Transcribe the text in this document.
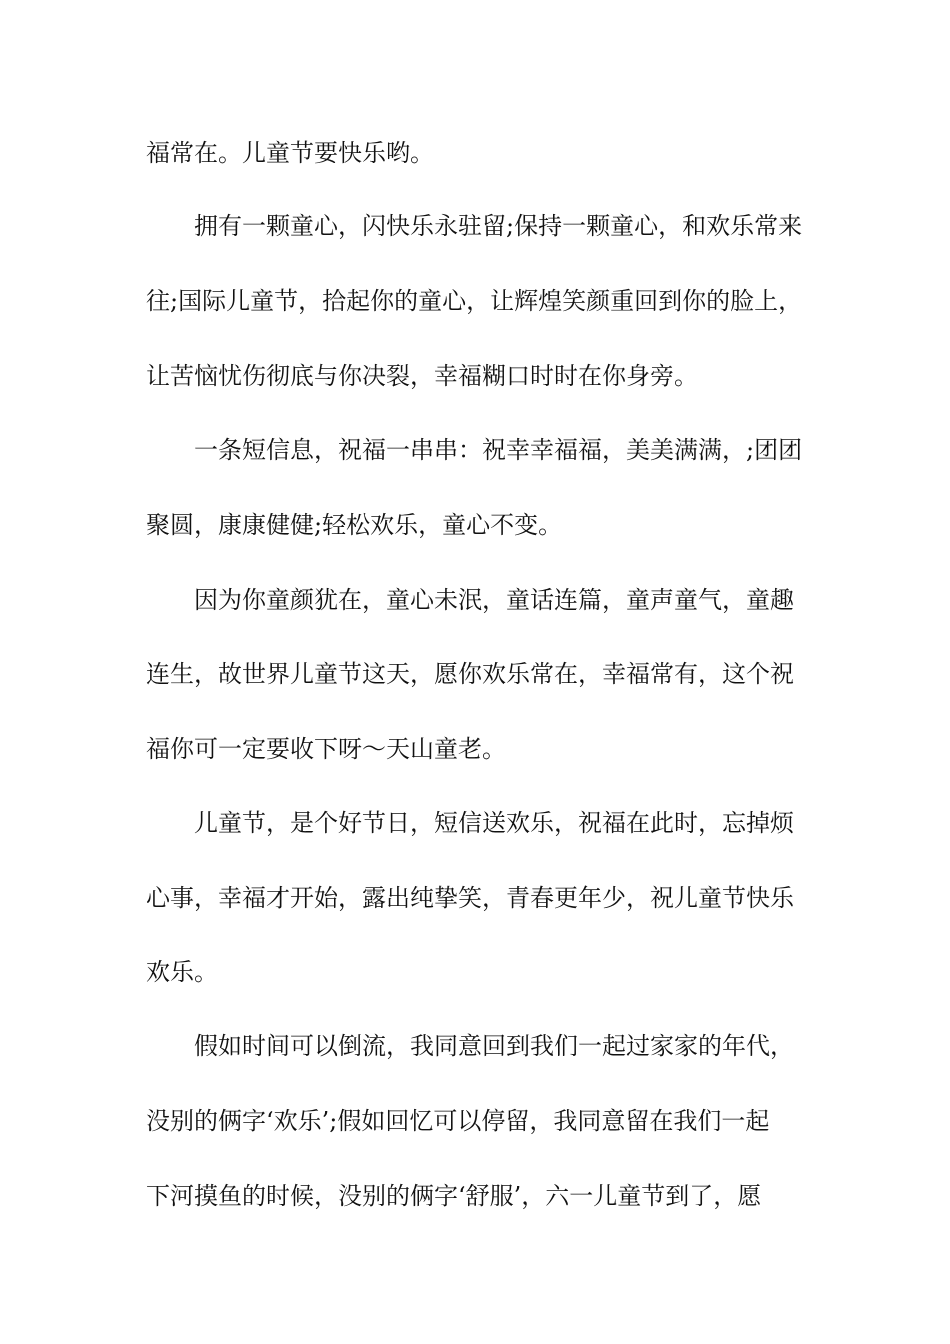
福常在。儿童节要快乐哟。
拥有一颗童心，闪快乐永驻留;保持一颗童心，和欢乐常来
往;国际儿童节，拾起你的童心，让辉煌笑颜重回到你的脸上，
让苦恼忧伤彻底与你决裂，幸福糊口时时在你身旁。
一条短信息，祝福一串串：祝幸幸福福，美美满满，;团团
聚圆，康康健健;轻松欢乐，童心不变。
因为你童颜犹在，童心未泯，童话连篇，童声童气，童趣
连生，故世界儿童节这天，愿你欢乐常在，幸福常有，这个祝
福你可一定要收下呀～天山童老。
儿童节，是个好节日，短信送欢乐，祝福在此时，忘掉烦
心事，幸福才开始，露出纯挚笑，青春更年少，祝儿童节快乐
欢乐。
假如时间可以倒流，我同意回到我们一起过家家的年代，
没别的俩字‘欢乐’;假如回忆可以停留，我同意留在我们一起
下河摸鱼的时候，没别的俩字‘舒服’，六一儿童节到了，愿
